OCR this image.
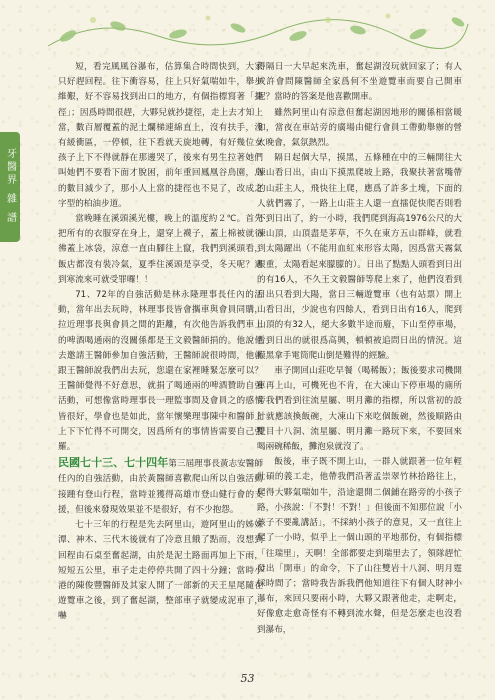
牙醫界 雜 譜

短，看完風風谷瀑布，估算集合時間快到，大家只好趕回程。往下衝容易，往上只好氣喘如牛，舉步維艱，好不容易找到出口的地方，有個指標寫著「捷徑」；因爲時間很趕，大夥兒就抄捷徑，走上去才知上當，數百層覆蓋的泥土爛梯連綿直上，沒有扶手，沒有緩衝區，一停頓，往下看就天旋地轉，有好幾位女孩子上下不得就靜在那邊哭了，後來有男生拉著她們叫她們不要看下面才脫困，前年重回鳳凰谷鳥園，鳥的數目減少了，那小人上當的捷徑也不見了，改成之字型的柏油步道。

當晚睡在溪頭溪光樓，晚上的溫度約２℃。首先把所有的衣服穿在身上，還穿上襪子，蓋上棉被就彷彿蓋上冰袋，涼意一直由腳往上竄，我們到溪頭看，飯店都沒有裝冷氣，夏季住溪頭是享受，冬天呢？遇到寒流來可就受罪囉！！

71、72年的自強活動是林永隆理事長任內的活動，當年出去玩時，林理事長皆會攜車與會員同購，拉近理事長與會員之間的距離，有次他告訴我們車上的啤酒喝通兩的沒關係都是王文毅醫師捐的。他說他去邀請王醫師參加自強活動，王醫師說很時間，他就跟王醫師說我們出去玩，您還在家裡睡緊怎麼可以？王醫師覺得不好意思，就捐了喝通兩的啤酒贊助自強活動，可想像當時理事長一理監事間及會員之的感情皆很好，學會也是如此，當年懷樂理事陳中和醫師上上下下忙得不可開交，因爲所有的事情皆需要自己張羅。

民國七十三、七十四年第三屆理事長黃志安醫師任內的自強活動，由於黃醫師喜歡爬山所以自強活動接踵有登山行程，當時並獲得高雄市登山健行會的支援，但後來發現效果並不是很好，有不少抱怨。

七十三年的行程是先去阿里山，遊阿里山的姊妹潭、神木、三代木後就有了冷意且餓了點而，沒想到回程由石桌至奮起湖，由於是泥土路面再加上下雨，短短五公里，車子走走停停共開了四十分鐘；當時小港的陳俊豐醫師及其家人開了一部新的天王星尾隨在遊覽車之後，到了奮起湖，整部車子就變成泥車了，嚇

得隔日一大早起來洗車，奮起湖沒玩就回家了；有人或許會問陳醫師全家爲何不坐遊覽車而要自己開車呢？當時的答案是他喜歡開車。

雖然阿里山有涼意但奮起湖因地形的關係相當暖和，當夜在車站旁的廣場由健行會員工帶動舉辦的營火晚會，氣氛熱烈。

隔日起個大早，摸黑，五條種在中的三輛開往大凍山看日出，由山下摸黑爬坡上路，我聚扶著當嘴帶的山莊主人，飛快往上爬，應爲了許多土塊，下面的人就們霧了，一路上山莊主人還一直擂促快爬否則看不到日出了，約一小時，我們爬到海高1976公尺的大凍山頂，山頂盡是茅草，不久在東方五山群峰，就看到太陽躍出（不能用血紅來形容太陽，因爲當天霧氣很重，太陽看起來朦朦的）。日出了點點人頭看到日出的有16人，不久王文毅醫師等爬上來了，他們沒看到日出只看到大陽，當日三輛遊覽車（也有站票）開上山看日出，少說也有四餘人，看到日出有16人，爬到山頂的有32人，絕大多數半途而廢，下山至停車場，看到日出的就很爲高興，頓頓被追問日出的情況。這摸黑拿手電筒爬山倒是難得的經驗。

車子開回山莊吃早餐（喝稀飯）；飯後要求司機開車再上山，可機死也不肯，在大凍山下停車場的廁所旁我們看到往流星屬、明月灘的指標，所以當初的設計就應該換飯碗，大凍山下來吃個飯碗，然後順路由雙目十八洞、流星屬、明月灘一路玩下來，不要回來喝兩碗稀飯，攤泡泉就沒了。

飯後，車子既不開上山，一群人就跟著一位年輕壯碩的義工走，他帶我們沿著孟崇翠竹林拾路往上，爬得大夥氣喘如牛，沿途還開二個鋪在路旁的小孩子路，小孩說：「不對！不對！」但後面不知那位說「小孩子不要亂講話」，不採納小孩子的意見，又一直往上爬了一小時，似乎上一個山頭的平地那份，有個指標「往瑞里」，天啊！全部都要走到瑞里去了，領隊趕忙發出「開車」的命令，下了山往雙岩十八洞、明月霆採時間了；當時我告訴我們他知道往下有個人財神小瀑布，來回只要兩小時，大夥又跟著他走，走啊走，好像愈走愈奇怪有不轉到流水聲，但是怎麼走也沒看到瀑布，

53
